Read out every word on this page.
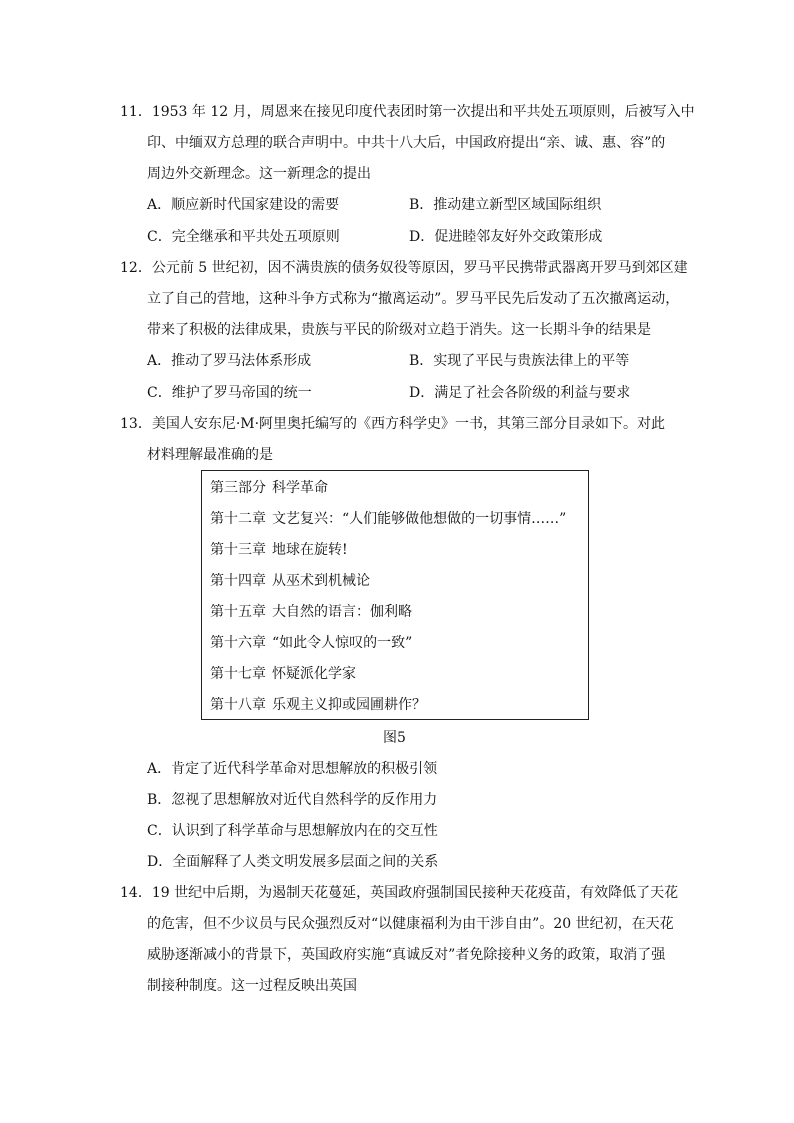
11．1953 年 12 月，周恩来在接见印度代表团时第一次提出和平共处五项原则，后被写入中
印、中缅双方总理的联合声明中。中共十八大后，中国政府提出“亲、诚、惠、容”的
周边外交新理念。这一新理念的提出
A．顺应新时代国家建设的需要	B．推动建立新型区域国际组织
C．完全继承和平共处五项原则	D．促进睦邻友好外交政策形成
12．公元前 5 世纪初，因不满贵族的债务奴役等原因，罗马平民携带武器离开罗马到郊区建
立了自己的营地，这种斗争方式称为“撤离运动”。罗马平民先后发动了五次撤离运动，
带来了积极的法律成果，贵族与平民的阶级对立趋于消失。这一长期斗争的结果是
A．推动了罗马法体系形成	B．实现了平民与贵族法律上的平等
C．维护了罗马帝国的统一	D．满足了社会各阶级的利益与要求
13．美国人安东尼·M·阿里奥托编写的《西方科学史》一书，其第三部分目录如下。对此
材料理解最准确的是
第三部分 科学革命
第十二章 文艺复兴：“人们能够做他想做的一切事情……”
第十三章 地球在旋转!
第十四章 从巫术到机械论
第十五章 大自然的语言：伽利略
第十六章 “如此令人惊叹的一致”
第十七章 怀疑派化学家
第十八章 乐观主义抑或园圃耕作？
图5
A．肯定了近代科学革命对思想解放的积极引领
B．忽视了思想解放对近代自然科学的反作用力
C．认识到了科学革命与思想解放内在的交互性
D．全面解释了人类文明发展多层面之间的关系
14．19 世纪中后期，为遏制天花蔓延，英国政府强制国民接种天花疫苗，有效降低了天花
的危害，但不少议员与民众强烈反对“以健康福利为由干涉自由”。20 世纪初，在天花
威胁逐渐减小的背景下，英国政府实施“真诚反对”者免除接种义务的政策，取消了强
制接种制度。这一过程反映出英国
